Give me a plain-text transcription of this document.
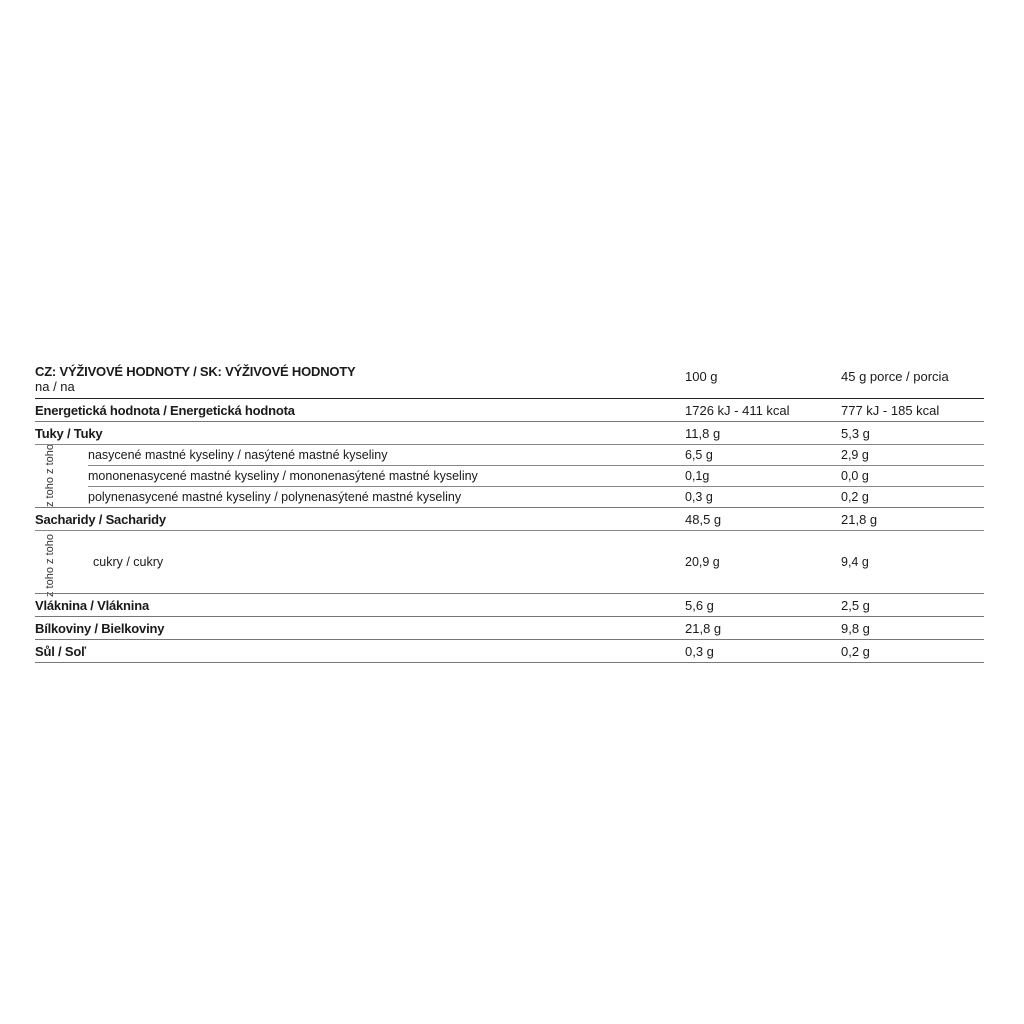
CZ: VÝŽIVOVÉ HODNOTY / SK: VÝŽIVOVÉ HODNOTY
na / na
100 g	45 g porce / porcia
Energetická hodnota / Energetická hodnota	1726 kJ - 411 kcal	777 kJ - 185 kcal
Tuky / Tuky	11,8 g	5,3 g
z toho z toho	nasycené mastné kyseliny / nasýtené mastné kyseliny	6,5 g	2,9 g
mononenasycené mastné kyseliny / mononenasýtené mastné kyseliny	0,1g	0,0 g
polynenasycené mastné kyseliny / polynenasýtené mastné kyseliny	0,3 g	0,2 g
Sacharidy / Sacharidy	48,5 g	21,8 g
z toho z toho	cukry / cukry	20,9 g	9,4 g
Vláknina / Vláknina	5,6 g	2,5 g
Bílkoviny / Bielkoviny	21,8 g	9,8 g
Sůl / Soľ	0,3 g	0,2 g
